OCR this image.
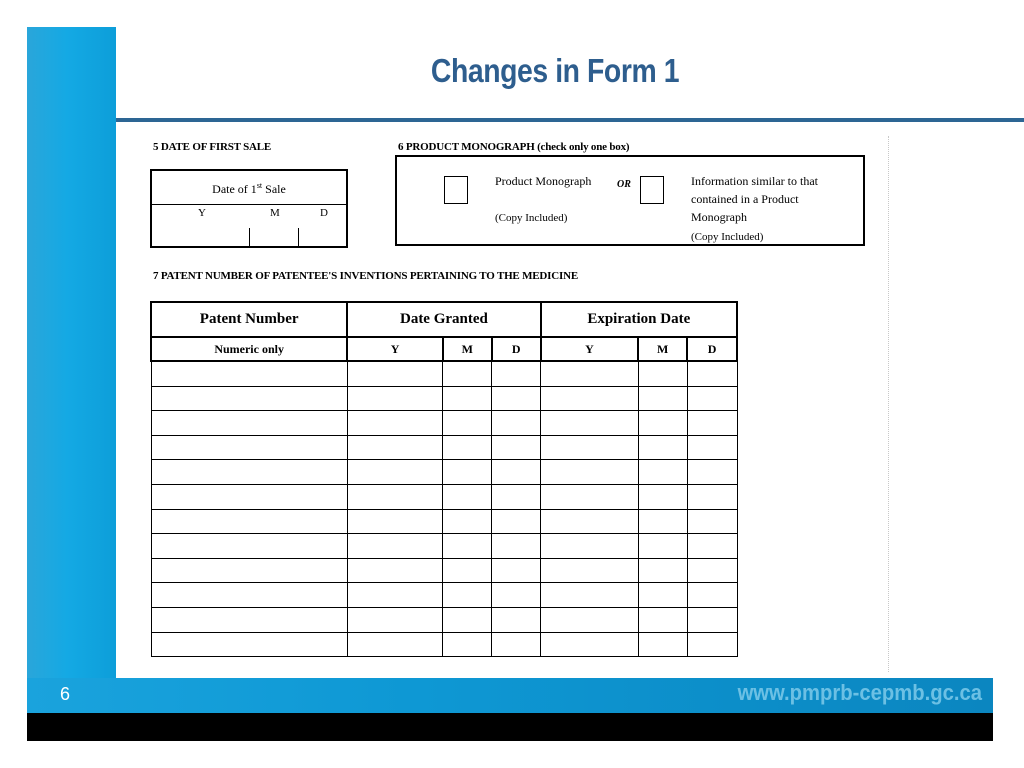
Changes in Form 1
5 DATE OF FIRST SALE
Date of 1st Sale
Y	M	D
6 PRODUCT MONOGRAPH (check only one box)
Product Monograph	OR
(Copy Included)
Information similar to that
contained in a Product
Monograph
(Copy Included)
7 PATENT NUMBER OF PATENTEE'S INVENTIONS PERTAINING TO THE MEDICINE
Patent Number	Date Granted			Expiration Date		
Numeric only	Y	M	D	Y	M	D

6	www.pmprb-cepmb.gc.ca
